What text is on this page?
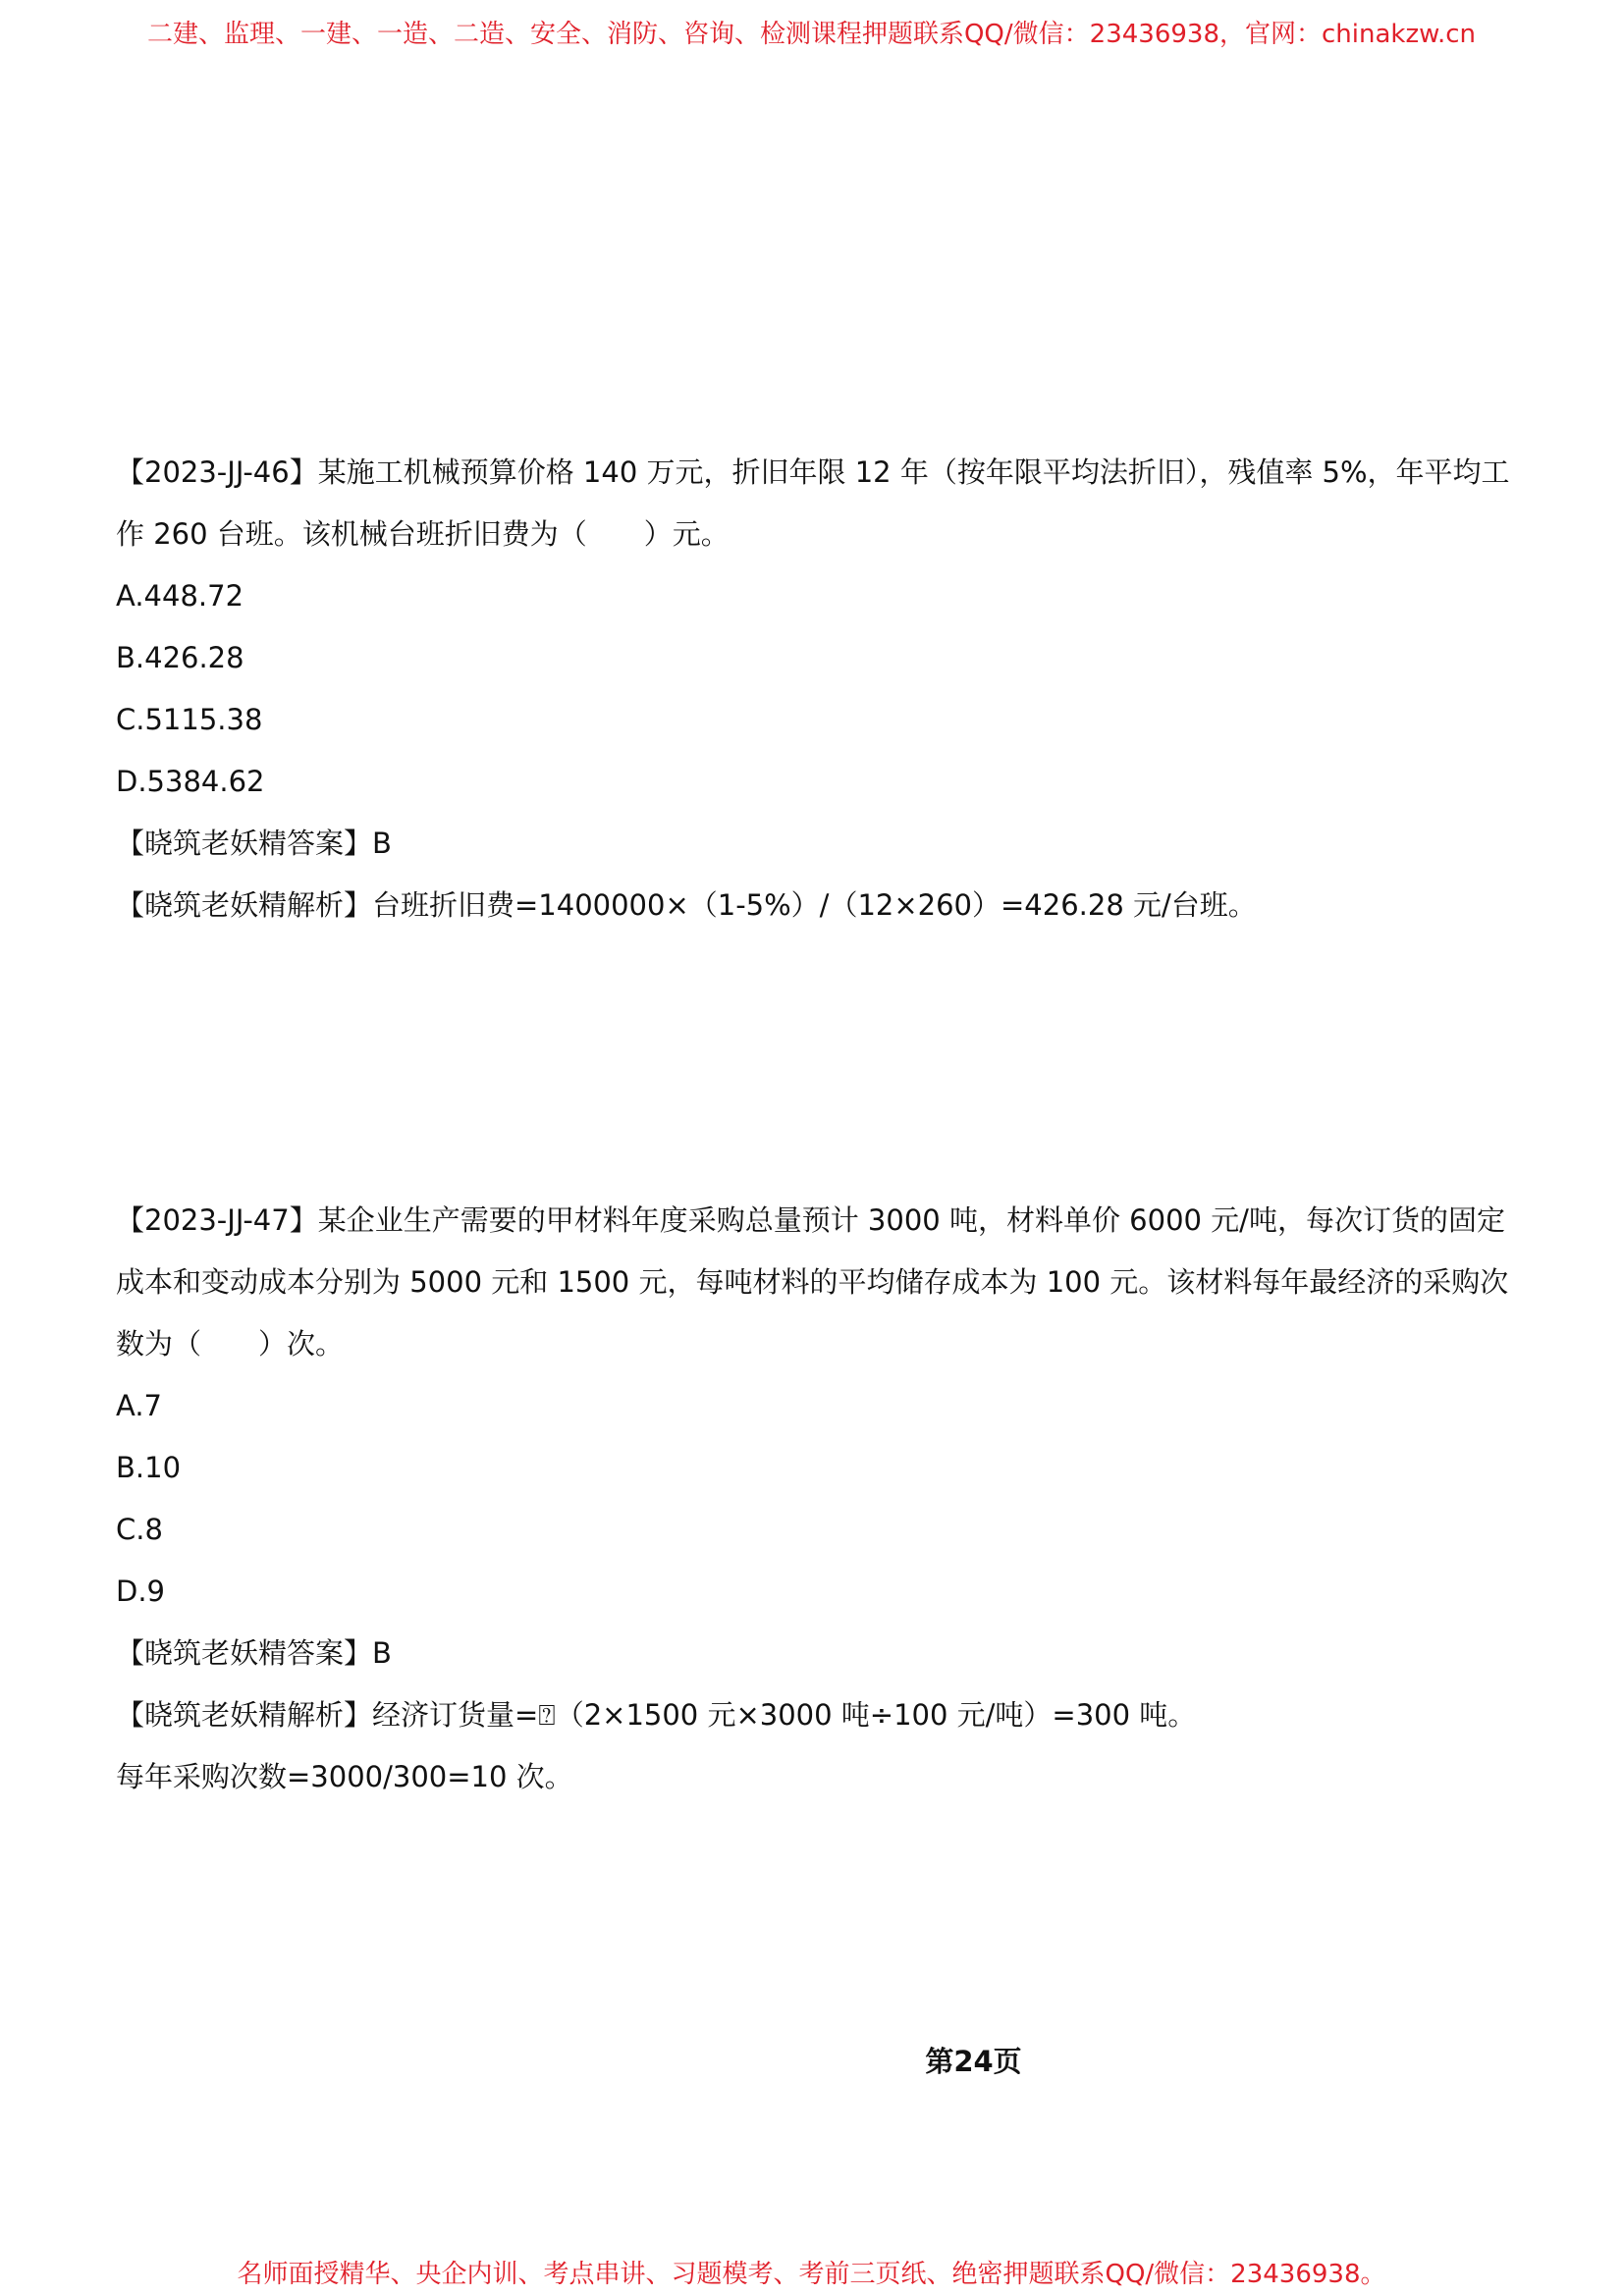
二建、监理、一建、一造、二造、安全、消防、咨询、检测课程押题联系QQ/微信：23436938，官网：chinakzw.cn

【2023-JJ-46】某施工机械预算价格 140 万元，折旧年限 12 年（按年限平均法折旧），残值率 5%，年平均工作 260 台班。该机械台班折旧费为（　　）元。

A.448.72

B.426.28

C.5115.38

D.5384.62

【晓筑老妖精答案】B

【晓筑老妖精解析】台班折旧费=1400000×（1-5%）/（12×260）=426.28 元/台班。

【2023-JJ-47】某企业生产需要的甲材料年度采购总量预计 3000 吨，材料单价 6000 元/吨，每次订货的固定成本和变动成本分别为 5000 元和 1500 元，每吨材料的平均储存成本为 100 元。该材料每年最经济的采购次数为（　　）次。

A.7

B.10

C.8

D.9

【晓筑老妖精答案】B

【晓筑老妖精解析】经济订货量=⍰（2×1500 元×3000 吨÷100 元/吨）=300 吨。

每年采购次数=3000/300=10 次。

第24页
名师面授精华、央企内训、考点串讲、习题模考、考前三页纸、绝密押题联系QQ/微信：23436938。
